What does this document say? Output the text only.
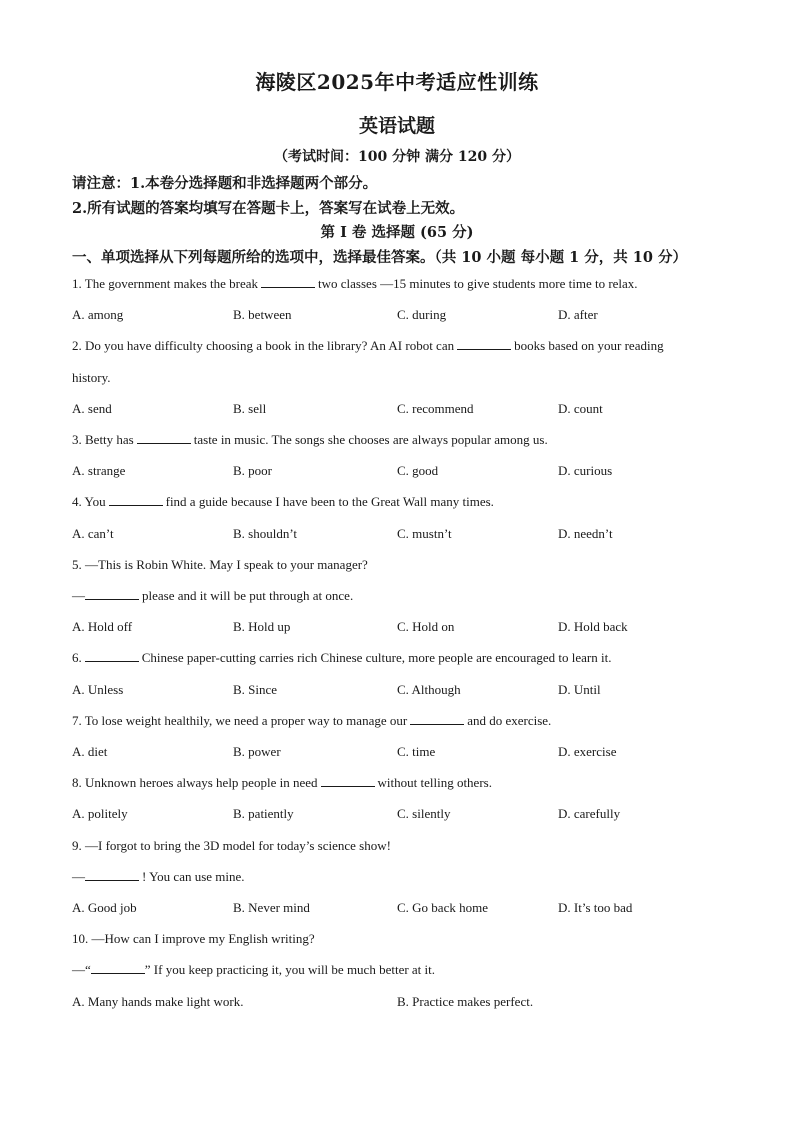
海陵区2025年中考适应性训练
英语试题
（考试时间：100 分钟 满分 120 分）
请注意：1.本卷分选择题和非选择题两个部分。
2.所有试题的答案均填写在答题卡上，答案写在试卷上无效。
第 I 卷 选择题 (65 分)
一、单项选择从下列每题所给的选项中，选择最佳答案。（共 10 小题 每小题 1 分，共 10 分）
1. The government makes the break	two classes —15 minutes to give students more time to relax.
A. among	B. between	C. during	D. after
2. Do you have difficulty choosing a book in the library? An AI robot can	books based on your reading
history.
A. send	B. sell	C. recommend	D. count
3. Betty has	taste in music. The songs she chooses are always popular among us.
A. strange	B. poor	C. good	D. curious
4. You	find a guide because I have been to the Great Wall many times.
A. can’t	B. shouldn’t	C. mustn’t	D. needn’t
5. —This is Robin White. May I speak to your manager?
—	please and it will be put through at once.
A. Hold off	B. Hold up	C. Hold on	D. Hold back
6.	Chinese paper-cutting carries rich Chinese culture, more people are encouraged to learn it.
A. Unless	B. Since	C. Although	D. Until
7. To lose weight healthily, we need a proper way to manage our	and do exercise.
A. diet	B. power	C. time	D. exercise
8. Unknown heroes always help people in need	without telling others.
A. politely	B. patiently	C. silently	D. carefully
9. —I forgot to bring the 3D model for today’s science show!
—	! You can use mine.
A. Good job	B. Never mind	C. Go back home	D. It’s too bad
10. —How can I improve my English writing?
—“	” If you keep practicing it, you will be much better at it.
A. Many hands make light work.	B. Practice makes perfect.
